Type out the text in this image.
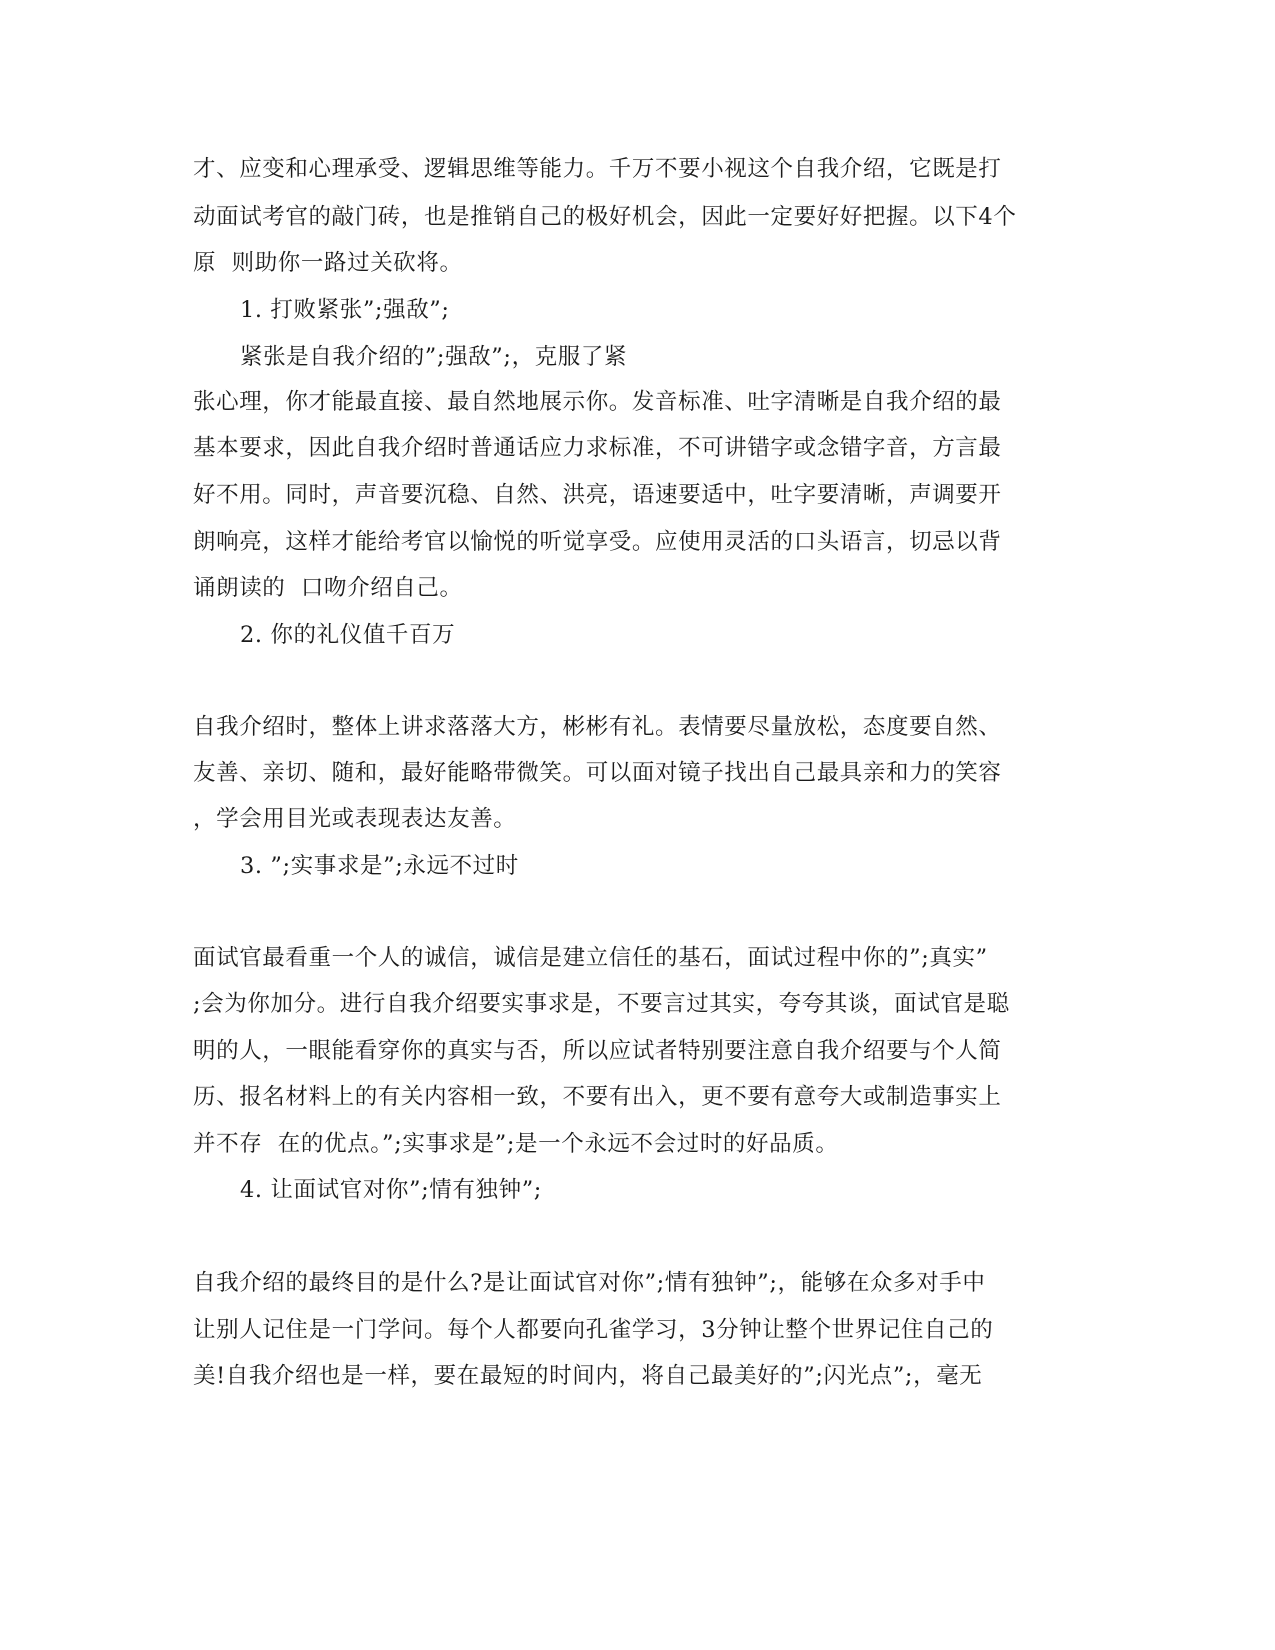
才、应变和心理承受、逻辑思维等能力。千万不要小视这个自我介绍，它既是打
动面试考官的敲门砖，也是推销自己的极好机会，因此一定要好好把握。以下4个
原  则助你一路过关砍将。
1. 打败紧张”;强敌”;
紧张是自我介绍的”;强敌”;，克服了紧
张心理，你才能最直接、最自然地展示你。发音标准、吐字清晰是自我介绍的最
基本要求，因此自我介绍时普通话应力求标准，不可讲错字或念错字音，方言最
好不用。同时，声音要沉稳、自然、洪亮，语速要适中，吐字要清晰，声调要开
朗响亮，这样才能给考官以愉悦的听觉享受。应使用灵活的口头语言，切忌以背
诵朗读的  口吻介绍自己。
2. 你的礼仪值千百万
自我介绍时，整体上讲求落落大方，彬彬有礼。表情要尽量放松，态度要自然、
友善、亲切、随和，最好能略带微笑。可以面对镜子找出自己最具亲和力的笑容
，学会用目光或表现表达友善。
3. ”;实事求是”;永远不过时
面试官最看重一个人的诚信，诚信是建立信任的基石，面试过程中你的”;真实”
;会为你加分。进行自我介绍要实事求是，不要言过其实，夸夸其谈，面试官是聪
明的人，一眼能看穿你的真实与否，所以应试者特别要注意自我介绍要与个人简
历、报名材料上的有关内容相一致，不要有出入，更不要有意夸大或制造事实上
并不存  在的优点。”;实事求是”;是一个永远不会过时的好品质。
4. 让面试官对你”;情有独钟”;
自我介绍的最终目的是什么?是让面试官对你”;情有独钟”;，能够在众多对手中
让别人记住是一门学问。每个人都要向孔雀学习，3分钟让整个世界记住自己的
美!自我介绍也是一样，要在最短的时间内，将自己最美好的”;闪光点”;，毫无
